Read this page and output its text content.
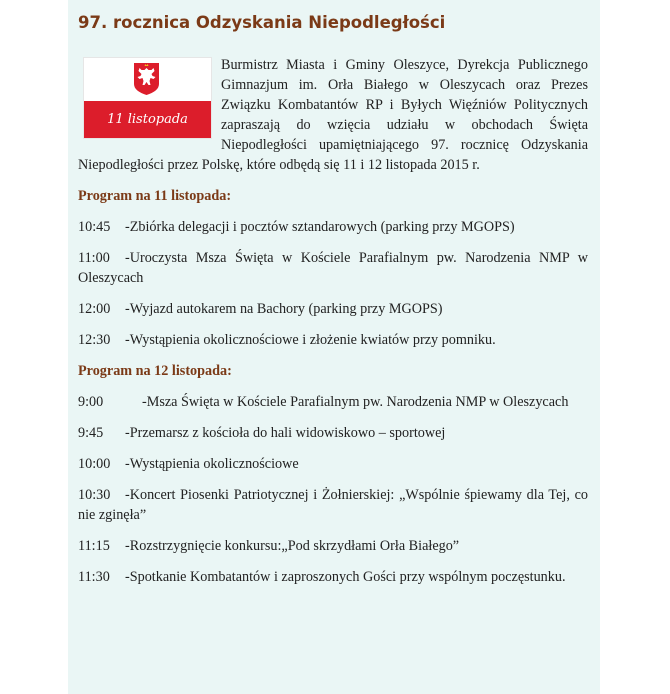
97. rocznica Odzyskania Niepodległości
11 listopada

Burmistrz Miasta i Gminy Oleszyce, Dyrekcja Publicznego Gimnazjum im. Orła Białego w Oleszycach oraz Prezes Związku Kombatantów RP i Byłych Więźniów Politycznych zapraszają do wzięcia udziału w obchodach Święta Niepodległości upamiętniającego 97. rocznicę Odzyskania Niepodległości przez Polskę, które odbędą się 11 i 12 listopada 2015 r.

Program na 11 listopada:

10:45 -Zbiórka delegacji i pocztów sztandarowych (parking przy MGOPS)

11:00 -Uroczysta Msza Święta w Kościele Parafialnym pw. Narodzenia NMP w Oleszycach

12:00 -Wyjazd autokarem na Bachory (parking przy MGOPS)

12:30 -Wystąpienia okolicznościowe i złożenie kwiatów przy pomniku.

Program na 12 listopada:

9:00	-Msza Święta w Kościele Parafialnym pw. Narodzenia NMP w Oleszycach

9:45 -Przemarsz z kościoła do hali widowiskowo – sportowej

10:00 -Wystąpienia okolicznościowe

10:30 -Koncert Piosenki Patriotycznej i Żołnierskiej: „Wspólnie śpiewamy dla Tej, co nie zginęła”

11:15 -Rozstrzygnięcie konkursu:„Pod skrzydłami Orła Białego”

11:30 -Spotkanie Kombatantów i zaproszonych Gości przy wspólnym poczęstunku.
